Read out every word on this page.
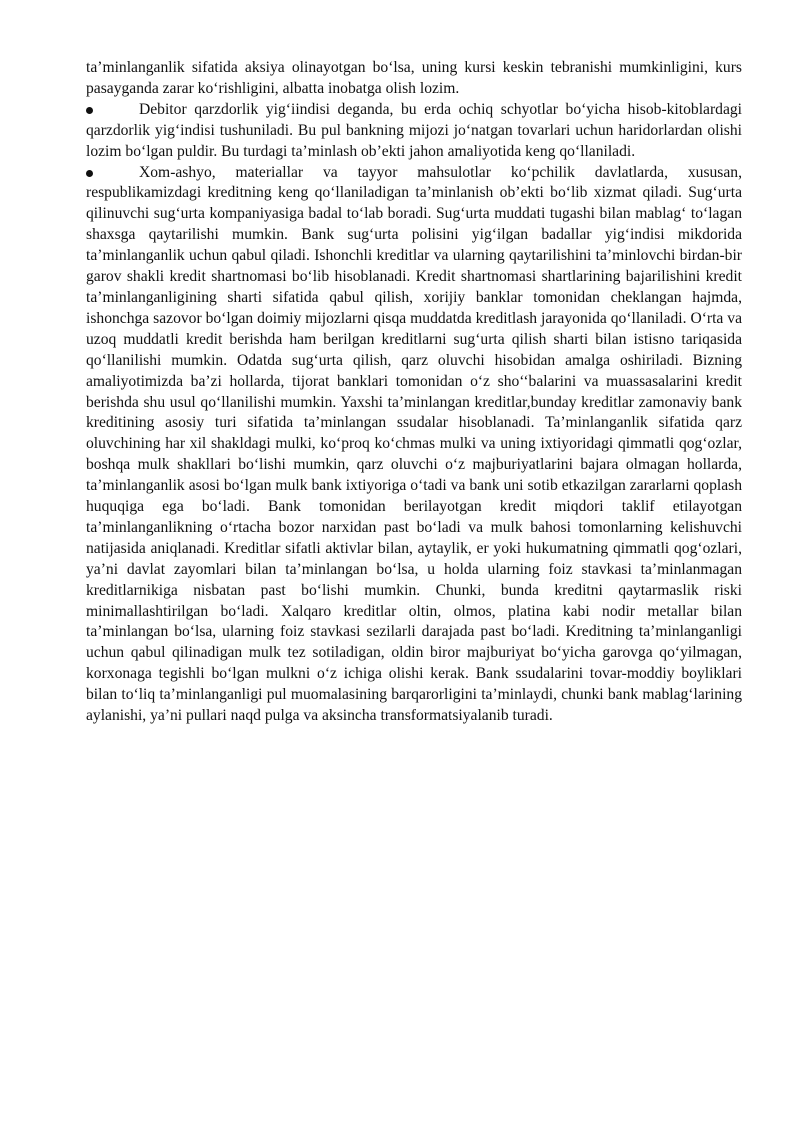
ta’minlanganlik sifatida aksiya olinayotgan bo‘lsa, uning kursi keskin tebranishi mumkinligini, kurs pasayganda zarar ko‘rishligini, albatta inobatga olish lozim.

Debitor qarzdorlik yig‘iindisi deganda, bu erda ochiq schyotlar bo‘yicha hisob-kitoblardagi qarzdorlik yig‘indisi tushuniladi. Bu pul bankning mijozi jo‘natgan tovarlari uchun haridorlardan olishi lozim bo‘lgan puldir. Bu turdagi ta’minlash ob’ekti jahon amaliyotida keng qo‘llaniladi.

Xom-ashyo, materiallar va tayyor mahsulotlar ko‘pchilik davlatlarda, xususan, respublikamizdagi kreditning keng qo‘llaniladigan ta’minlanish ob’ekti bo‘lib xizmat qiladi. Sug‘urta qilinuvchi sug‘urta kompaniyasiga badal to‘lab boradi. Sug‘urta muddati tugashi bilan mablag‘ to‘lagan shaxsga qaytarilishi mumkin. Bank sug‘urta polisini yig‘ilgan badallar yig‘indisi mikdorida ta’minlanganlik uchun qabul qiladi. Ishonchli kreditlar va ularning qaytarilishini ta’minlovchi birdan-bir garov shakli kredit shartnomasi bo‘lib hisoblanadi. Kredit shartnomasi shartlarining bajarilishini kredit ta’minlanganligining sharti sifatida qabul qilish, xorijiy banklar tomonidan cheklangan hajmda, ishonchga sazovor bo‘lgan doimiy mijozlarni qisqa muddatda kreditlash jarayonida qo‘llaniladi. O‘rta va uzoq muddatli kredit berishda ham berilgan kreditlarni sug‘urta qilish sharti bilan istisno tariqasida qo‘llanilishi mumkin. Odatda sug‘urta qilish, qarz oluvchi hisobidan amalga oshiriladi. Bizning amaliyotimizda ba’zi hollarda, tijorat banklari tomonidan o‘z sho‘‘balarini va muassasalarini kredit berishda shu usul qo‘llanilishi mumkin. Yaxshi ta’minlangan kreditlar,bunday kreditlar zamonaviy bank kreditining asosiy turi sifatida ta’minlangan ssudalar hisoblanadi. Ta’minlanganlik sifatida qarz oluvchining har xil shakldagi mulki, ko‘proq ko‘chmas mulki va uning ixtiyoridagi qimmatli qog‘ozlar, boshqa mulk shakllari bo‘lishi mumkin, qarz oluvchi o‘z majburiyatlarini bajara olmagan hollarda, ta’minlanganlik asosi bo‘lgan mulk bank ixtiyoriga o‘tadi va bank uni sotib etkazilgan zararlarni qoplash huquqiga ega bo‘ladi. Bank tomonidan berilayotgan kredit miqdori taklif etilayotgan ta’minlanganlikning o‘rtacha bozor narxidan past bo‘ladi va mulk bahosi tomonlarning kelishuvchi natijasida aniqlanadi. Kreditlar sifatli aktivlar bilan, aytaylik, er yoki hukumatning qimmatli qog‘ozlari, ya’ni davlat zayomlari bilan ta’minlangan bo‘lsa, u holda ularning foiz stavkasi ta’minlanmagan kreditlarnikiga nisbatan past bo‘lishi mumkin. Chunki, bunda kreditni qaytarmaslik riski minimallashtirilgan bo‘ladi. Xalqaro kreditlar oltin, olmos, platina kabi nodir metallar bilan ta’minlangan bo‘lsa, ularning foiz stavkasi sezilarli darajada past bo‘ladi. Kreditning ta’minlanganligi uchun qabul qilinadigan mulk tez sotiladigan, oldin biror majburiyat bo‘yicha garovga qo‘yilmagan, korxonaga tegishli bo‘lgan mulkni o‘z ichiga olishi kerak. Bank ssudalarini tovar-moddiy boyliklari bilan to‘liq ta’minlanganligi pul muomalasining barqarorligini ta’minlaydi, chunki bank mablag‘larining aylanishi, ya’ni pullari naqd pulga va aksincha transformatsiyalanib turadi.
